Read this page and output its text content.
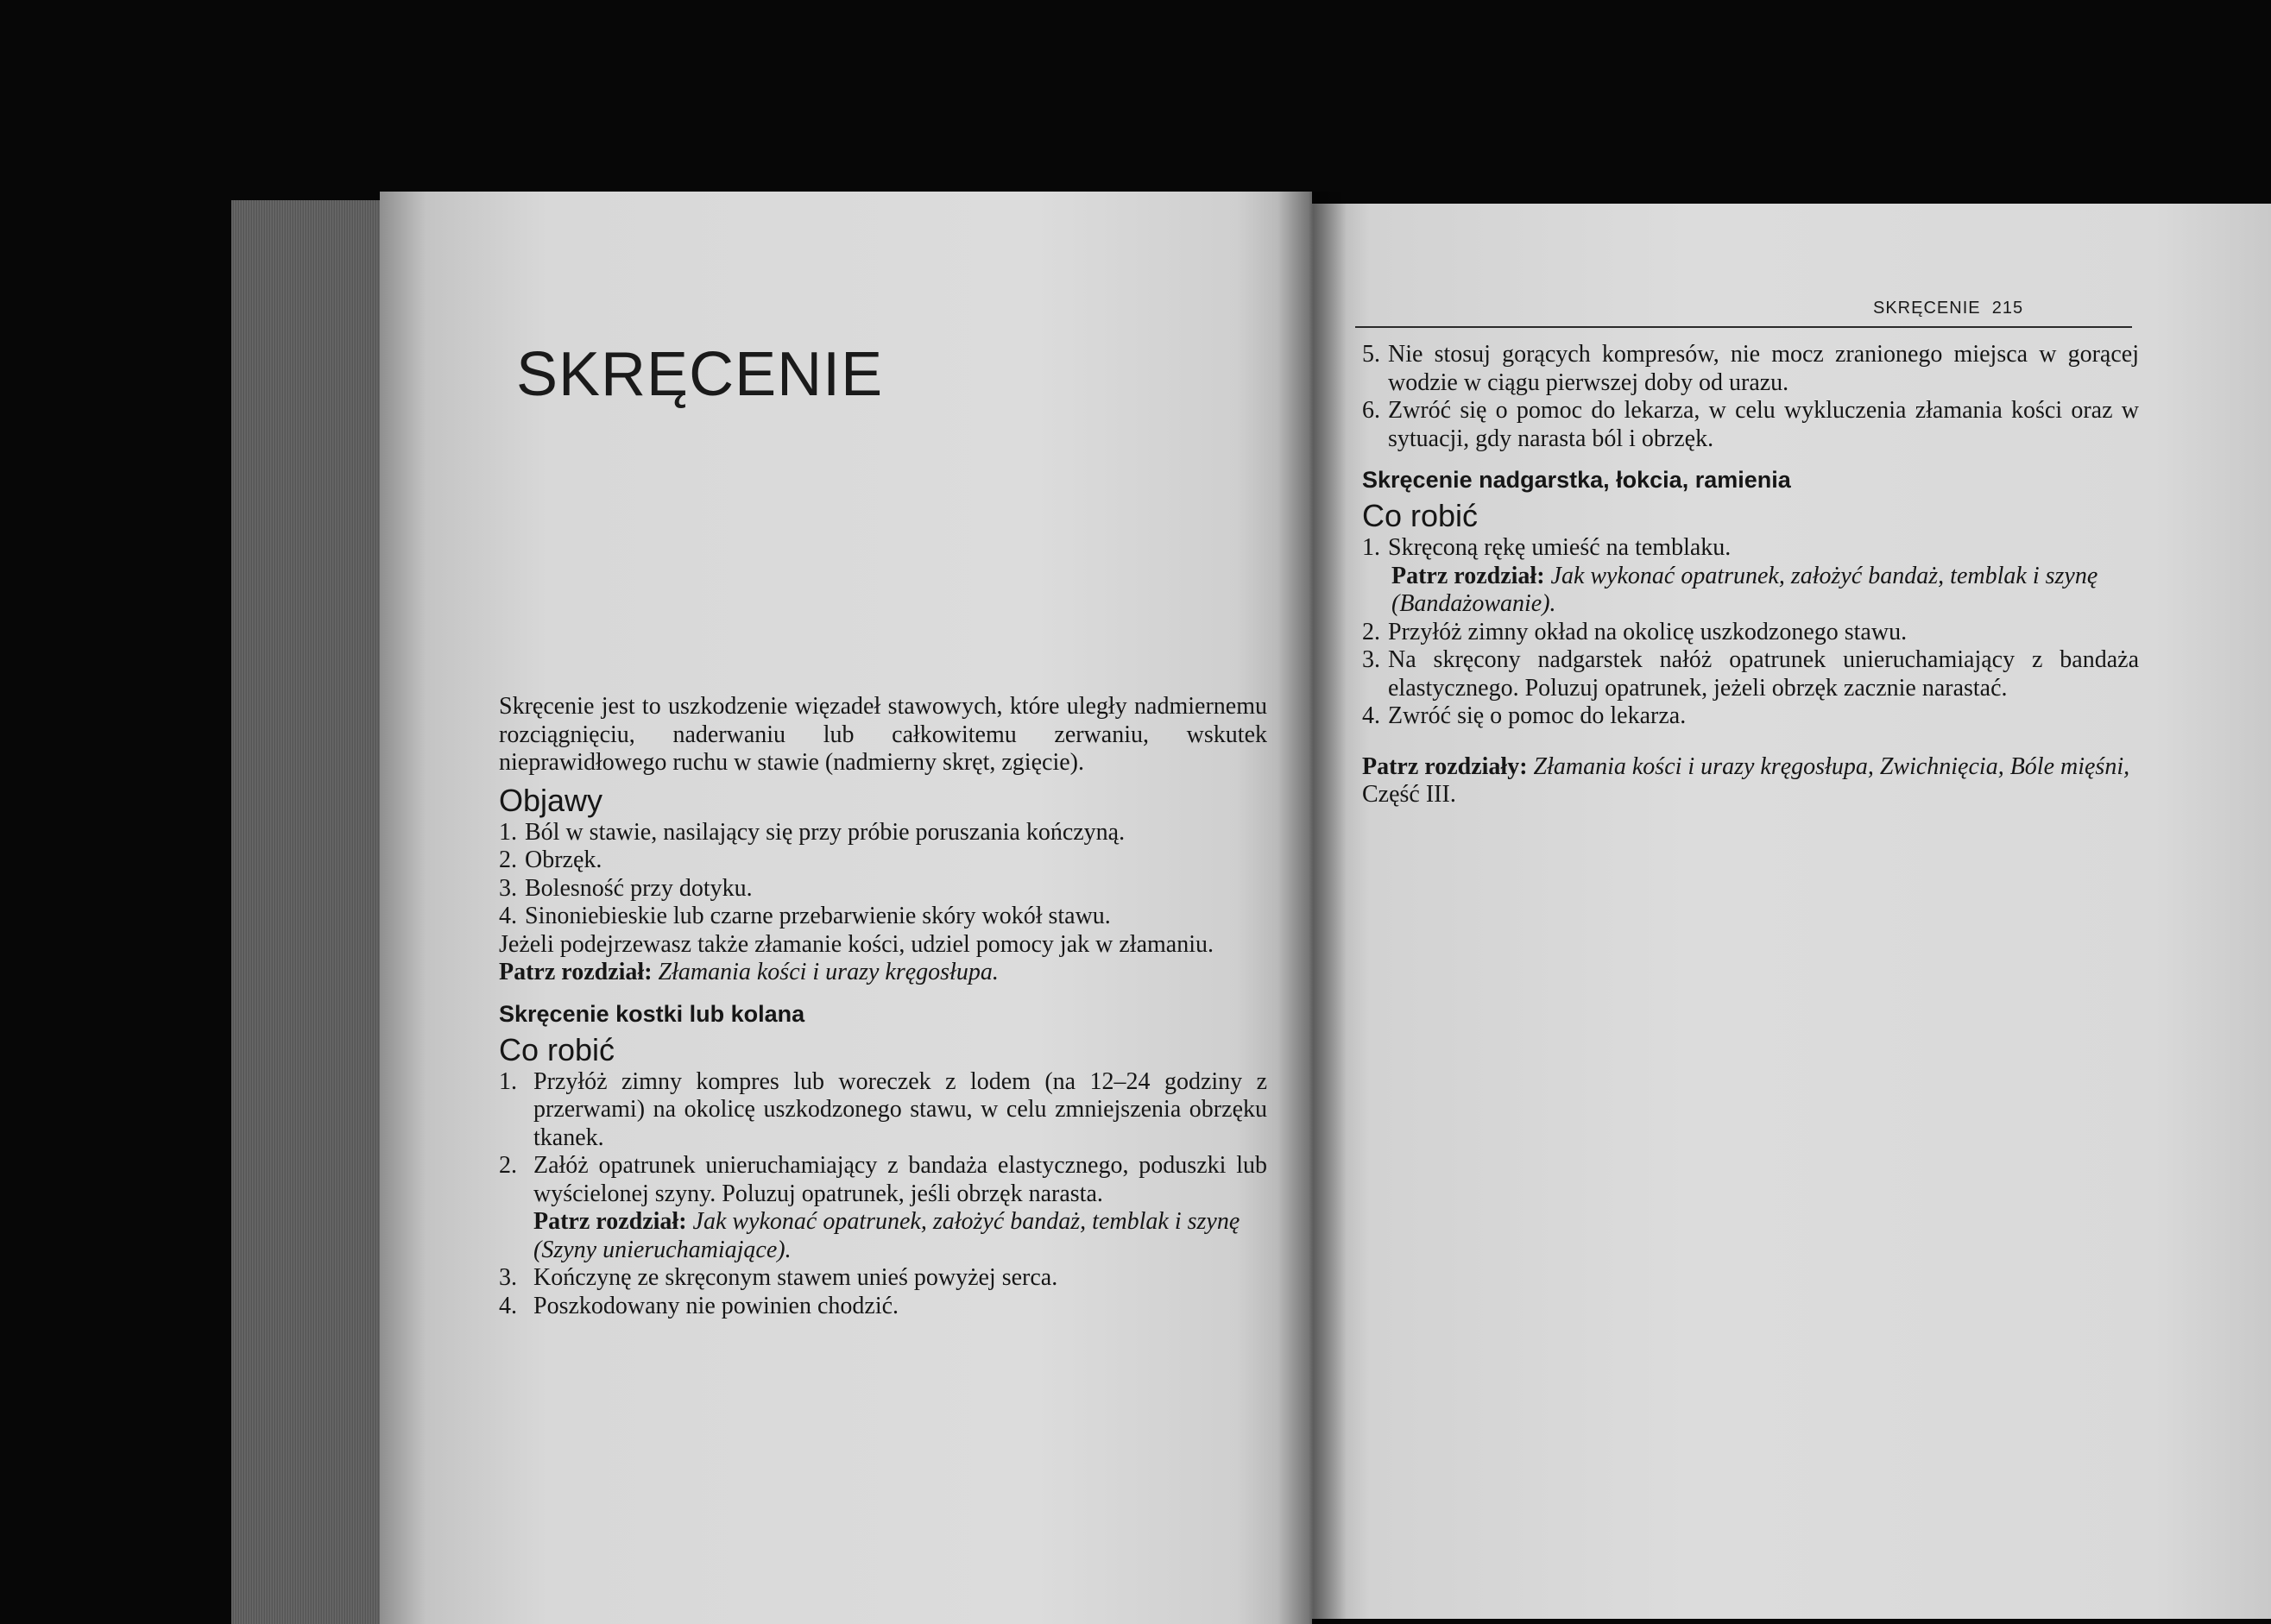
SKRĘCENIE

Skręcenie jest to uszkodzenie więzadeł stawowych, które uległy nadmiernemu rozciągnięciu, naderwaniu lub całkowitemu zerwaniu, wskutek nieprawidłowego ruchu w stawie (nadmierny skręt, zgięcie).

Objawy
1. Ból w stawie, nasilający się przy próbie poruszania kończyną.
2. Obrzęk.
3. Bolesność przy dotyku.
4. Sinoniebieskie lub czarne przebarwienie skóry wokół stawu.

Jeżeli podejrzewasz także złamanie kości, udziel pomocy jak w złamaniu.

Patrz rozdział: Złamania kości i urazy kręgosłupa.

Skręcenie kostki lub kolana
Co robić
1. Przyłóż zimny kompres lub woreczek z lodem (na 12–24 godziny z przerwami) na okolicę uszkodzonego stawu, w celu zmniejszenia obrzęku tkanek.
2. Załóż opatrunek unieruchamiający z bandaża elastycznego, poduszki lub wyścielonej szyny. Poluzuj opatrunek, jeśli obrzęk narasta.

Patrz rozdział: Jak wykonać opatrunek, założyć bandaż, temblak i szynę (Szyny unieruchamiające).

3. Kończynę ze skręconym stawem unieś powyżej serca.
4. Poszkodowany nie powinien chodzić.
SKRĘCENIE 215
5. Nie stosuj gorących kompresów, nie mocz zranionego miejsca w gorącej wodzie w ciągu pierwszej doby od urazu.
6. Zwróć się o pomoc do lekarza, w celu wykluczenia złamania kości oraz w sytuacji, gdy narasta ból i obrzęk.
Skręcenie nadgarstka, łokcia, ramienia
Co robić
1. Skręconą rękę umieść na temblaku.

Patrz rozdział: Jak wykonać opatrunek, założyć bandaż, temblak i szynę (Bandażowanie).

2. Przyłóż zimny okład na okolicę uszkodzonego stawu.
3. Na skręcony nadgarstek nałóż opatrunek unieruchamiający z bandaża elastycznego. Poluzuj opatrunek, jeżeli obrzęk zacznie narastać.
4. Zwróć się o pomoc do lekarza.

Patrz rozdziały: Złamania kości i urazy kręgosłupa, Zwichnięcia, Bóle mięśni, Część III.
